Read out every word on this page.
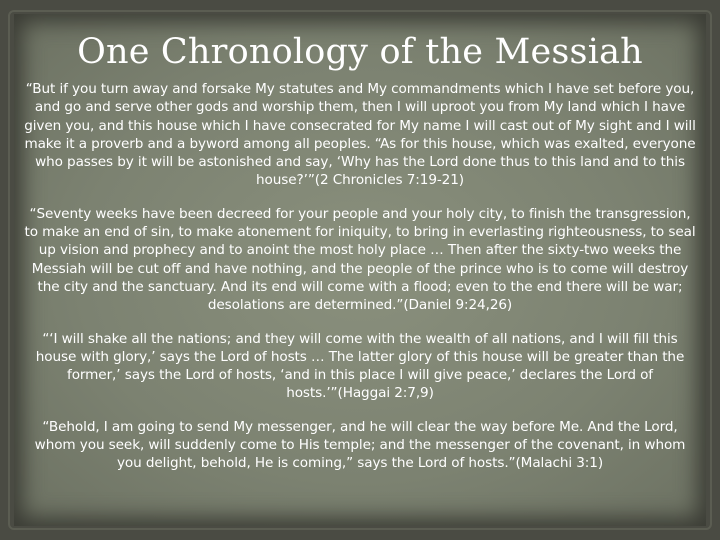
One Chronology of the Messiah

“But if you turn away and forsake My statutes and My commandments which I have set before you, and go and serve other gods and worship them, then I will uproot you from My land which I have given you, and this house which I have consecrated for My name I will cast out of My sight and I will make it a proverb and a byword among all peoples. “As for this house, which was exalted, everyone who passes by it will be astonished and say, ‘Why has the Lord done thus to this land and to this house?’”(2 Chronicles 7:19-21)

“Seventy weeks have been decreed for your people and your holy city, to finish the transgression, to make an end of sin, to make atonement for iniquity, to bring in everlasting righteousness, to seal up vision and prophecy and to anoint the most holy place … Then after the sixty-two weeks the Messiah will be cut off and have nothing, and the people of the prince who is to come will destroy the city and the sanctuary. And its end will come with a flood; even to the end there will be war; desolations are determined.”(Daniel 9:24,26)

“‘I will shake all the nations; and they will come with the wealth of all nations, and I will fill this house with glory,’ says the Lord of hosts … The latter glory of this house will be greater than the former,’ says the Lord of hosts, ‘and in this place I will give peace,’ declares the Lord of hosts.’”(Haggai 2:7,9)

“Behold, I am going to send My messenger, and he will clear the way before Me. And the Lord, whom you seek, will suddenly come to His temple; and the messenger of the covenant, in whom you delight, behold, He is coming,” says the Lord of hosts.”(Malachi 3:1)
